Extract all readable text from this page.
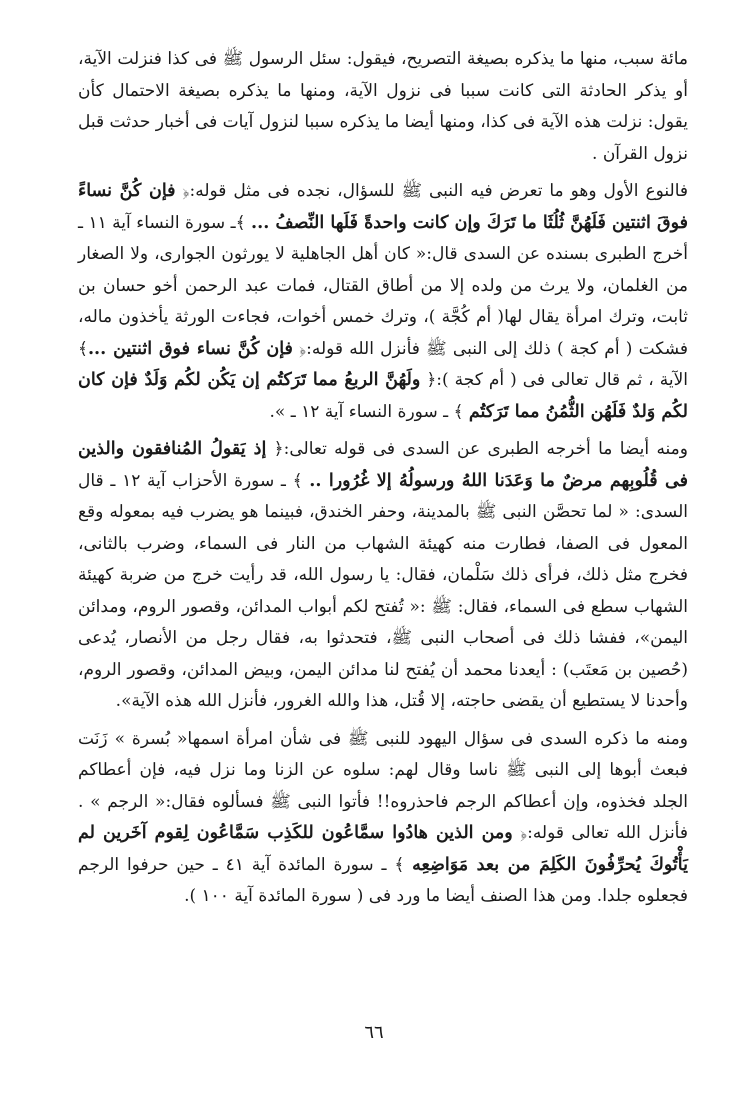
مائة سبب، منها ما يذكره بصيغة التصريح، فيقول: سئل الرسول ﷺ فى كذا فنزلت الآية، أو يذكر الحادثة التى كانت سببا فى نزول الآية، ومنها ما يذكره بصيغة الاحتمال كأن يقول: نزلت هذه الآية فى كذا، ومنها أيضا ما يذكره سببا لنزول آيات فى أخبار حدثت قبل نزول القرآن .

فالنوع الأول وهو ما تعرض فيه النبى ﷺ للسؤال، نجده فى مثل قوله:﴿ فإن كُنَّ نساءً فوقَ اثنتين فَلَهُنَّ ثُلُثَا ما تَرَكَ وإن كانت واحدةً فَلَها النِّصفُ ... ﴾ـ سورة النساء آية ١١ ـ أخرج الطبرى بسنده عن السدى قال:« كان أهل الجاهلية لا يورثون الجوارى، ولا الصغار من الغلمان، ولا يرث من ولده إلا من أطاق القتال، فمات عبد الرحمن أخو حسان بن ثابت، وترك امرأة يقال لها( أم كُجَّة )، وترك خمس أخوات، فجاءت الورثة يأخذون ماله، فشكت ( أم كجة ) ذلك إلى النبى ﷺ فأنزل الله قوله:﴿ فإن كُنَّ نساء فوق اثنتين ...﴾ الآية ، ثم قال تعالى فى ( أم كجة ):﴿ ولَهُنَّ الربعُ مما تَرَكتُم إن يَكُن لكُم وَلَدٌ فإن كان لكُم وَلدٌ فَلَهُن الثُّمُنُ مما تَرَكتُم ﴾ ـ سورة النساء آية ١٢ ـ ».

ومنه أيضا ما أخرجه الطبرى عن السدى فى قوله تعالى:﴿ إذ يَقولُ المُنافقون والذين فى قُلُوبِهم مرضٌ ما وَعَدَنا اللهُ ورسولُهُ إلا غُرُورا .. ﴾ ـ سورة الأحزاب آية ١٢ ـ قال السدى: « لما تحصَّن النبى ﷺ بالمدينة، وحفر الخندق، فبينما هو يضرب فيه بمعوله وقع المعول فى الصفا، فطارت منه كهيئة الشهاب من النار فى السماء، وضرب بالثانى، فخرج مثل ذلك، فرأى ذلك سَلْمان، فقال: يا رسول الله، قد رأيت خرج من ضربة كهيئة الشهاب سطع فى السماء، فقال: ﷺ :« تُفتح لكم أبواب المدائن، وقصور الروم، ومدائن اليمن»، ففشا ذلك فى أصحاب النبى ﷺ، فتحدثوا به، فقال رجل من الأنصار، يُدعى (حُصين بن مَعتَب) : أيعدنا محمد أن يُفتح لنا مدائن اليمن، وبيض المدائن، وقصور الروم، وأحدنا لا يستطيع أن يقضى حاجته، إلا قُتل، هذا والله الغرور، فأنزل الله هذه الآية».

ومنه ما ذكره السدى فى سؤال اليهود للنبى ﷺ فى شأن امرأة اسمها« بُسرة » زَنَت فبعث أبوها إلى النبى ﷺ ناسا وقال لهم: سلوه عن الزنا وما نزل فيه، فإن أعطاكم الجلد فخذوه، وإن أعطاكم الرجم فاحذروه!! فأتوا النبى ﷺ فسألوه فقال:« الرجم » . فأنزل الله تعالى قوله:﴿ ومن الذين هادُوا سمَّاعُون للكَذِب سَمَّاعُون لِقوم آخَرين لم يَأْتُوكَ يُحرِّفُونَ الكَلِمَ من بعد مَوَاضِعِه ﴾ ـ سورة المائدة آية ٤١ ـ حين حرفوا الرجم فجعلوه جلدا. ومن هذا الصنف أيضا ما ورد فى ( سورة المائدة آية ١٠٠ ).

٦٦
